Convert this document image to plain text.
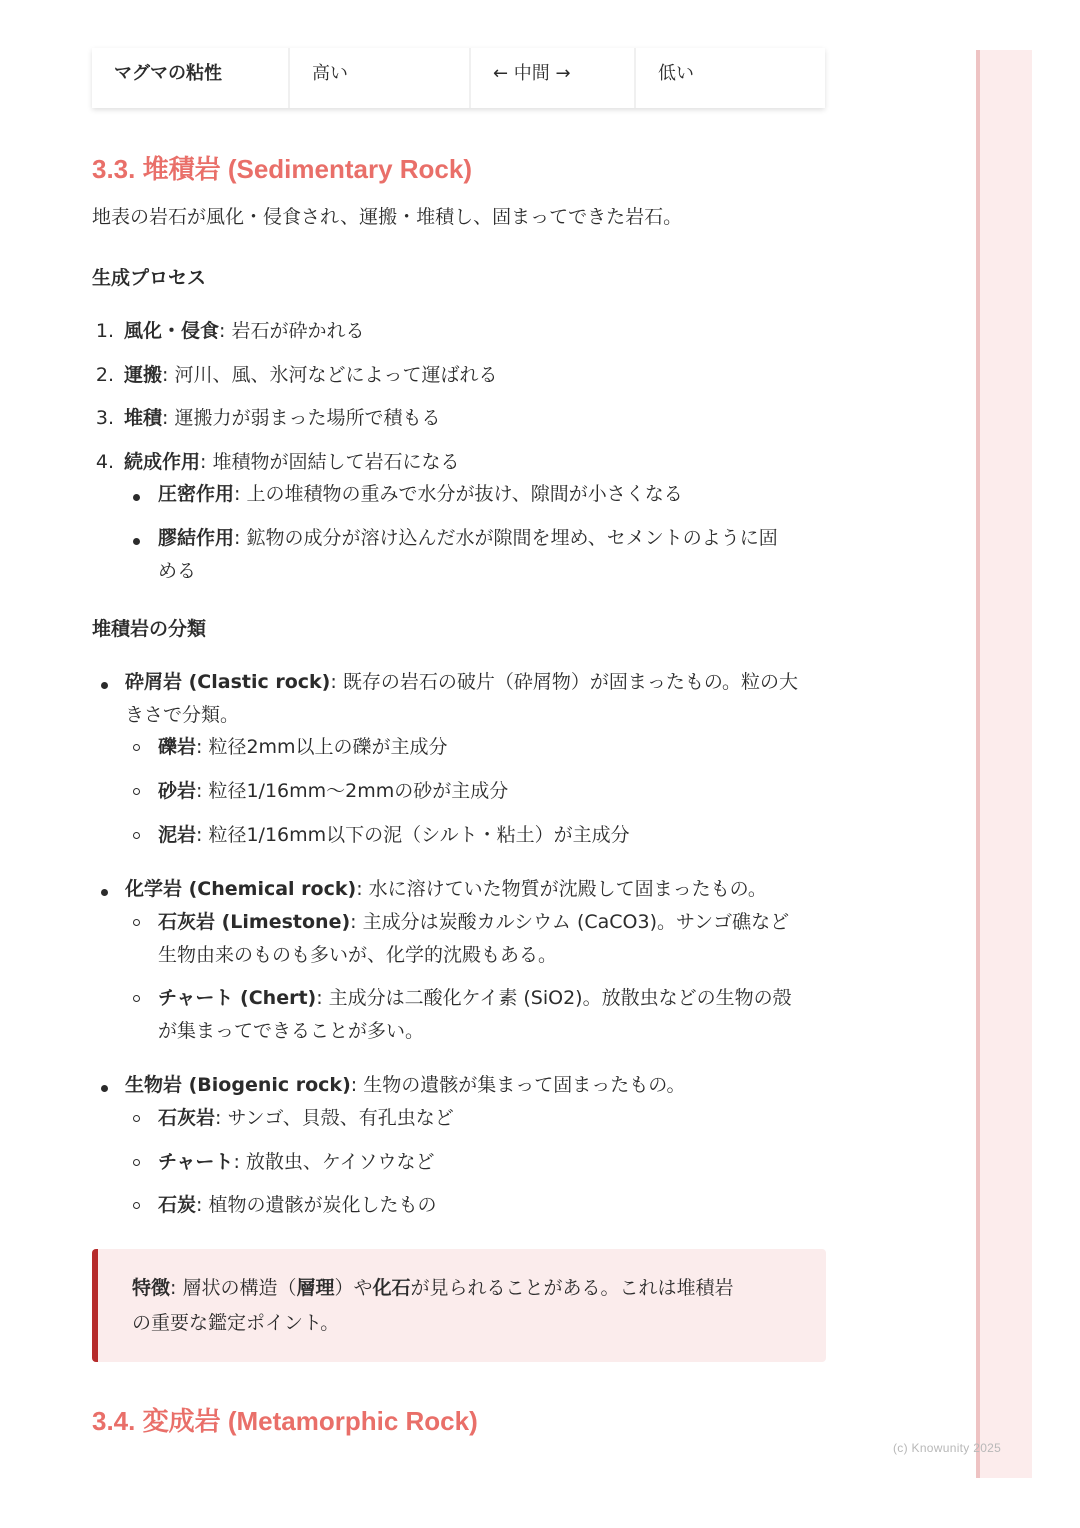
マグマの粘性	高い	← 中間 →	低い
3.3. 堆積岩 (Sedimentary Rock)

地表の岩石が風化・侵食され、運搬・堆積し、固まってできた岩石。

生成プロセス

1. 風化・侵食: 岩石が砕かれる
2. 運搬: 河川、風、氷河などによって運ばれる
3. 堆積: 運搬力が弱まった場所で積もる
4. 続成作用: 堆積物が固結して岩石になる
圧密作用: 上の堆積物の重みで水分が抜け、隙間が小さくなる
膠結作用: 鉱物の成分が溶け込んだ水が隙間を埋め、セメントのように固
める

堆積岩の分類

砕屑岩 (Clastic rock): 既存の岩石の破片（砕屑物）が固まったもの。粒の大
きさで分類。
礫岩: 粒径2mm以上の礫が主成分
砂岩: 粒径1/16mm〜2mmの砂が主成分
泥岩: 粒径1/16mm以下の泥（シルト・粘土）が主成分
化学岩 (Chemical rock): 水に溶けていた物質が沈殿して固まったもの。
石灰岩 (Limestone): 主成分は炭酸カルシウム (CaCO3)。サンゴ礁など
生物由来のものも多いが、化学的沈殿もある。
チャート (Chert): 主成分は二酸化ケイ素 (SiO2)。放散虫などの生物の殻
が集まってできることが多い。
生物岩 (Biogenic rock): 生物の遺骸が集まって固まったもの。
石灰岩: サンゴ、貝殻、有孔虫など
チャート: 放散虫、ケイソウなど
石炭: 植物の遺骸が炭化したもの
特徴: 層状の構造（層理）や化石が見られることがある。これは堆積岩
の重要な鑑定ポイント。
3.4. 変成岩 (Metamorphic Rock)
(c) Knowunity 2025
